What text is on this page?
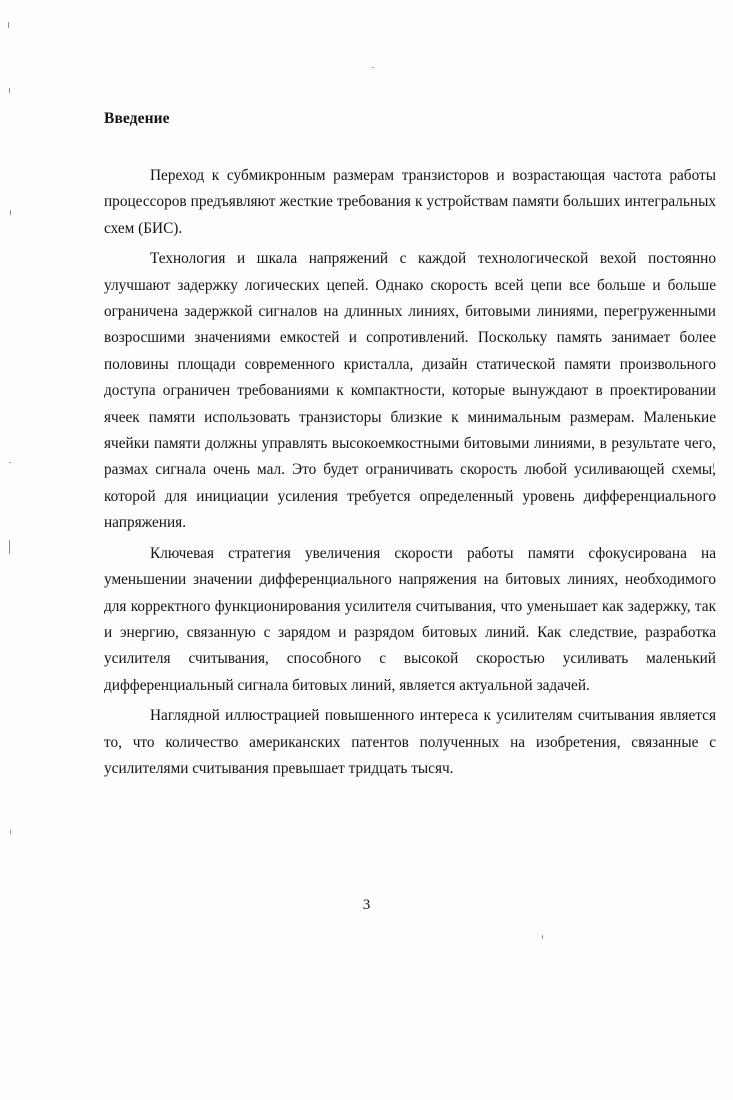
Введение

Переход к субмикронным размерам транзисторов и возрастающая частота работы процессоров предъявляют жесткие требования к устройствам памяти больших интегральных схем (БИС).

Технология и шкала напряжений с каждой технологической вехой постоянно улучшают задержку логических цепей. Однако скорость всей цепи все больше и больше ограничена задержкой сигналов на длинных линиях, битовыми линиями, перегруженными возросшими значениями емкостей и сопротивлений. Поскольку память занимает более половины площади современного кристалла, дизайн статической памяти произвольного доступа ограничен требованиями к компактности, которые вынуждают в проектировании ячеек памяти использовать транзисторы близкие к минимальным размерам. Маленькие ячейки памяти должны управлять высокоемкостными битовыми линиями, в результате чего, размах сигнала очень мал. Это будет ограничивать скорость любой усиливающей схемы, которой для инициации усиления требуется определенный уровень дифференциального напряжения.

Ключевая стратегия увеличения скорости работы памяти сфокусирована на уменьшении значении дифференциального напряжения на битовых линиях, необходимого для корректного функционирования усилителя считывания, что уменьшает как задержку, так и энергию, связанную с зарядом и разрядом битовых линий. Как следствие, разработка усилителя считывания, способного с высокой скоростью усиливать маленький дифференциальный сигнала битовых линий, является актуальной задачей.

Наглядной иллюстрацией повышенного интереса к усилителям считывания является то, что количество американских патентов полученных на изобретения, связанные с усилителями считывания превышает тридцать тысяч.

3
